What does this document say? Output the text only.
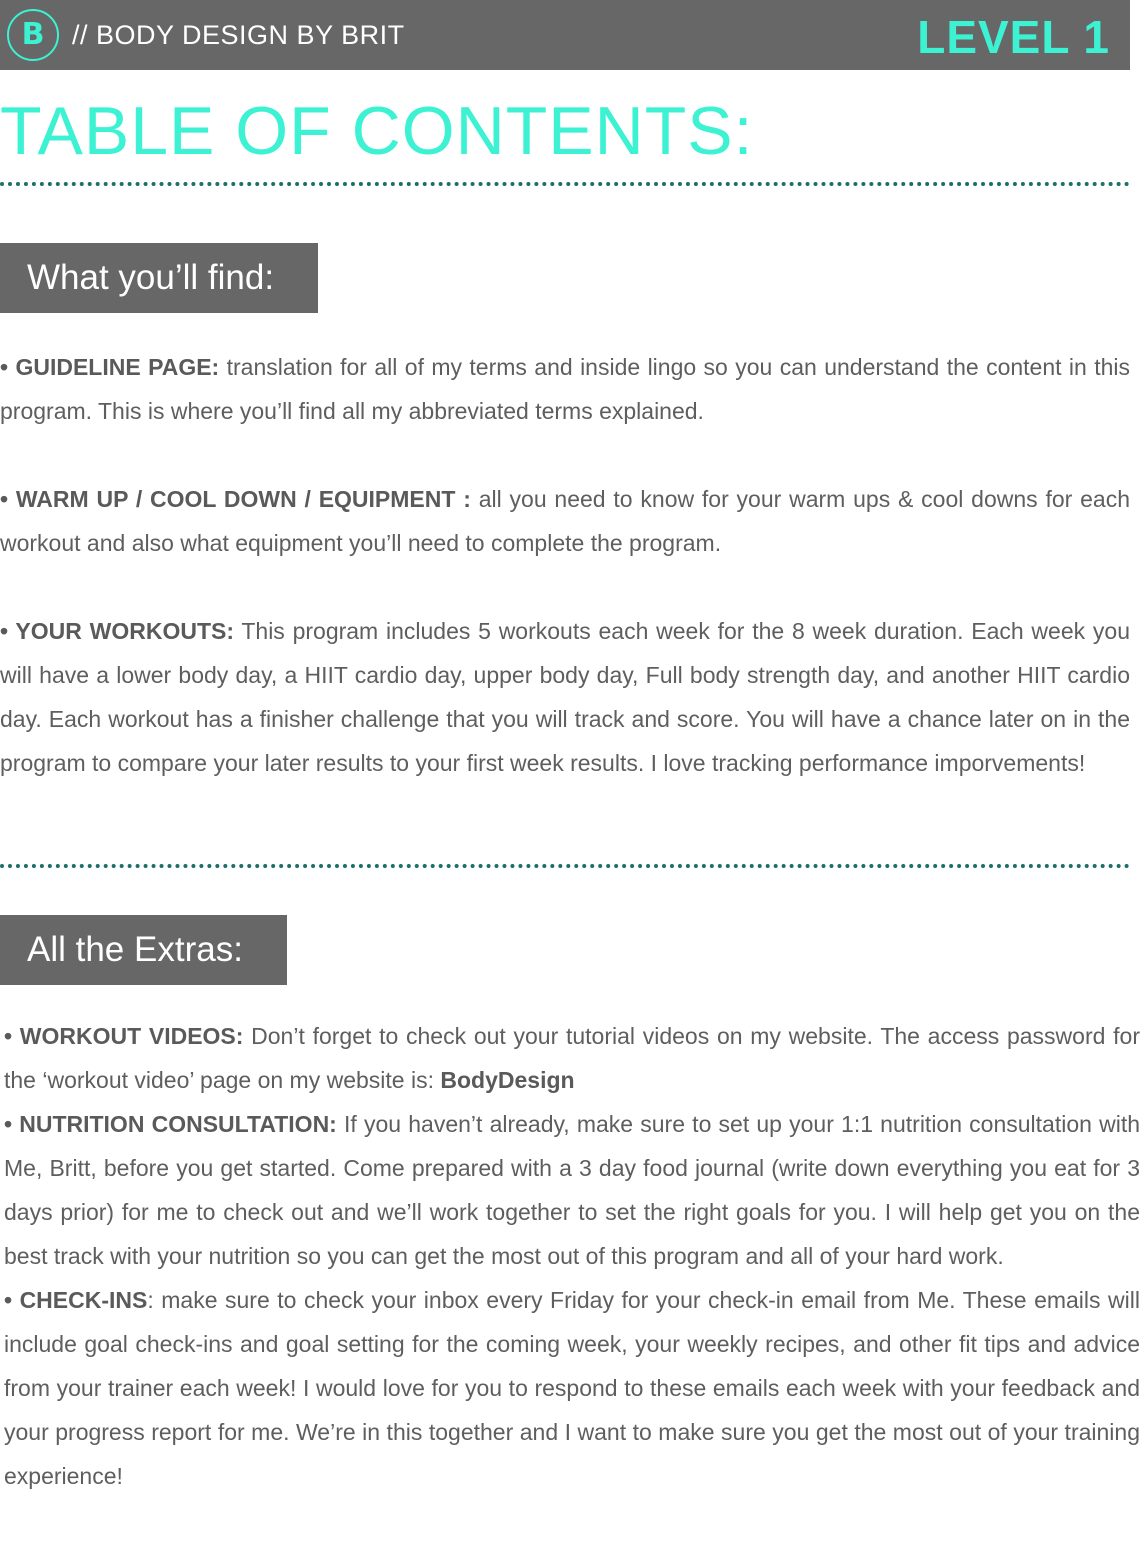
B // BODY DESIGN BY BRIT	LEVEL 1
TABLE OF CONTENTS:
What you’ll find:

• GUIDELINE PAGE: translation for all of my terms and inside lingo so you can understand the content in this program. This is where you’ll find all my abbreviated terms explained.

• WARM UP / COOL DOWN / EQUIPMENT : all you need to know for your warm ups & cool downs for each workout and also what equipment you’ll need to complete the program.

• YOUR WORKOUTS: This program includes 5 workouts each week for the 8 week duration. Each week you will have a lower body day, a HIIT cardio day, upper body day, Full body strength day, and another HIIT cardio day. Each workout has a finisher challenge that you will track and score. You will have a chance later on in the program to compare your later results to your first week results. I love tracking performance imporvements!

All the Extras:

• WORKOUT VIDEOS: Don’t forget to check out your tutorial videos on my website. The access password for the ‘workout video’ page on my website is: BodyDesign

• NUTRITION CONSULTATION: If you haven’t already, make sure to set up your 1:1 nutrition consultation with Me, Britt, before you get started. Come prepared with a 3 day food journal (write down everything you eat for 3 days prior) for me to check out and we’ll work together to set the right goals for you. I will help get you on the best track with your nutrition so you can get the most out of this program and all of your hard work.

• CHECK-INS: make sure to check your inbox every Friday for your check-in email from Me. These emails will include goal check-ins and goal setting for the coming week, your weekly recipes, and other fit tips and advice from your trainer each week! I would love for you to respond to these emails each week with your feedback and your progress report for me. We’re in this together and I want to make sure you get the most out of your training experience!
